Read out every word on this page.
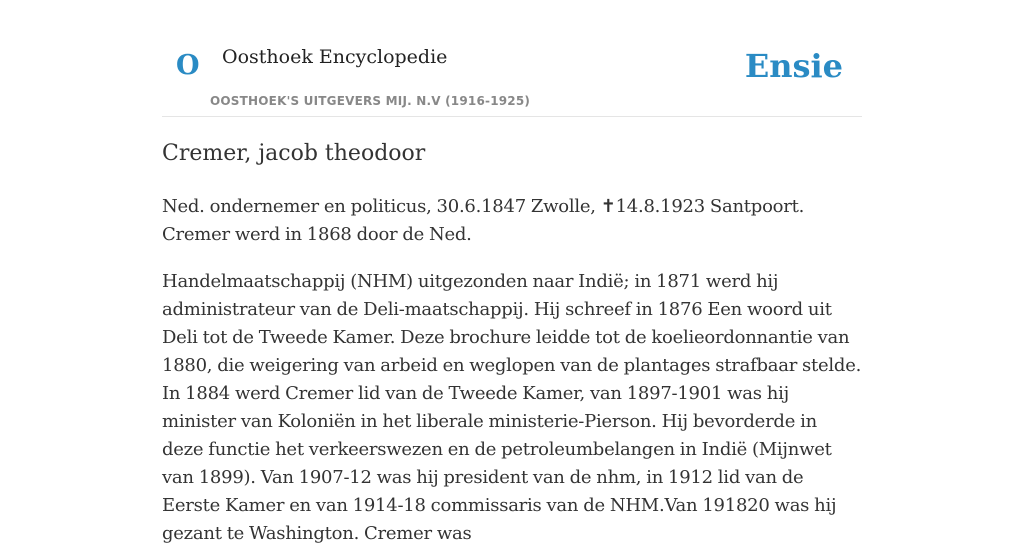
O Oosthoek Encyclopedie
OOSTHOEK'S UITGEVERS MIJ. N.V (1916-1925)
Ensie
Cremer, jacob theodoor

Ned. ondernemer en politicus, 30.6.1847 Zwolle, ✝14.8.1923 Santpoort. Cremer werd in 1868 door de Ned.

Handelmaatschappij (NHM) uitgezonden naar Indië; in 1871 werd hij administrateur van de Deli-maatschappij. Hij schreef in 1876 Een woord uit Deli tot de Tweede Kamer. Deze brochure leidde tot de koelieordonnantie van 1880, die weigering van arbeid en weglopen van de plantages strafbaar stelde. In 1884 werd Cremer lid van de Tweede Kamer, van 1897-1901 was hij minister van Koloniën in het liberale ministerie-Pierson. Hij bevorderde in deze functie het verkeerswezen en de petroleumbelangen in Indië (Mijnwet van 1899). Van 1907-12 was hij president van de nhm, in 1912 lid van de Eerste Kamer en van 1914-18 commissaris van de NHM.Van 191820 was hij gezant te Washington. Cremer was
